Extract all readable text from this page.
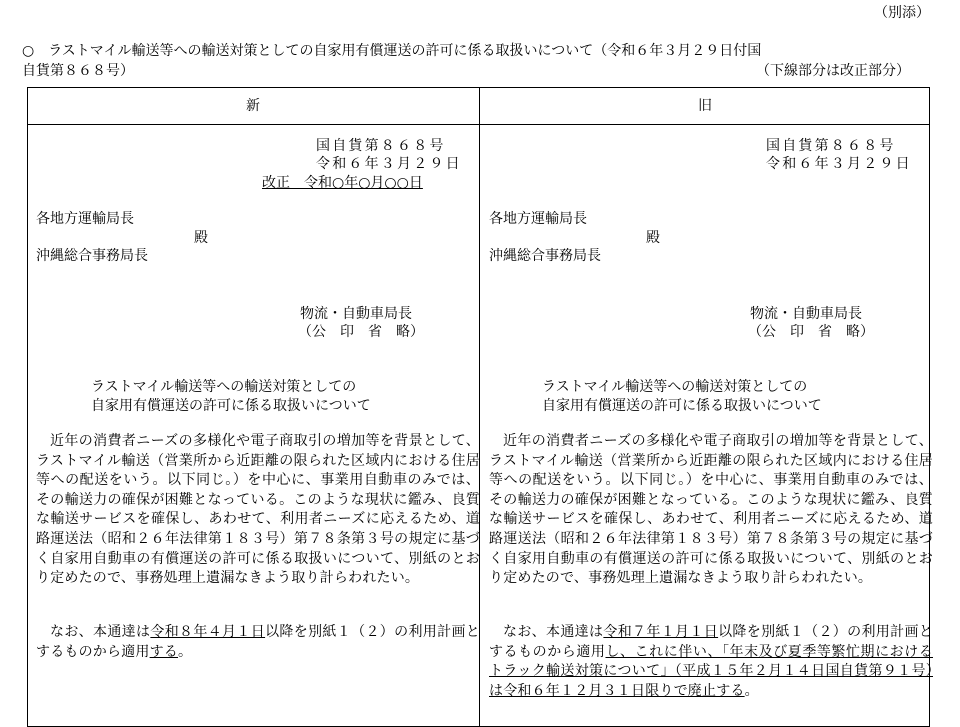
（別添）
○　ラストマイル輸送等への輸送対策としての自家用有償運送の許可に係る取扱いについて（令和６年３月２９日付国
自貨第８６８号）	（下線部分は改正部分）
新	旧
国自貨第８６８号
令和６年３月２９日
改正　 令和○年○月○○日
各地方運輸局長
殿
沖縄総合事務局長
物流・自動車局長
（公　印　省　略）
ラストマイル輸送等への輸送対策としての
自家用有償運送の許可に係る取扱いについて
近年の消費者ニーズの多様化や電子商取引の増加等を背景として、ラストマイル輸送（営業所から近距離の限られた区域内における住居等への配送をいう。以下同じ。）を中心に、事業用自動車のみでは、その輸送力の確保が困難となっている。このような現状に鑑み、良質な輸送サービスを確保し、あわせて、利用者ニーズに応えるため、道路運送法（昭和２６年法律第１８３号）第７８条第３号の規定に基づく自家用自動車の有償運送の許可に係る取扱いについて、別紙のとおり定めたので、事務処理上遺漏なきよう取り計らわれたい。
なお、本通達は令和８年４月１日以降を別紙１（２）の利用計画とするものから適用する。
国自貨第８６８号
令和６年３月２９日
各地方運輸局長
殿
沖縄総合事務局長
物流・自動車局長
（公　印　省　略）
ラストマイル輸送等への輸送対策としての
自家用有償運送の許可に係る取扱いについて
近年の消費者ニーズの多様化や電子商取引の増加等を背景として、ラストマイル輸送（営業所から近距離の限られた区域内における住居等への配送をいう。以下同じ。）を中心に、事業用自動車のみでは、その輸送力の確保が困難となっている。このような現状に鑑み、良質な輸送サービスを確保し、あわせて、利用者ニーズに応えるため、道路運送法（昭和２６年法律第１８３号）第７８条第３号の規定に基づく自家用自動車の有償運送の許可に係る取扱いについて、別紙のとおり定めたので、事務処理上遺漏なきよう取り計らわれたい。
なお、本通達は令和７年１月１日以降を別紙１（２）の利用計画とするものから適用し、これに伴い、「年末及び夏季等繁忙期におけるトラック輸送対策について」（平成１５年２月１４日国自貨第９１号）は令和６年１２月３１日限りで廃止する。
